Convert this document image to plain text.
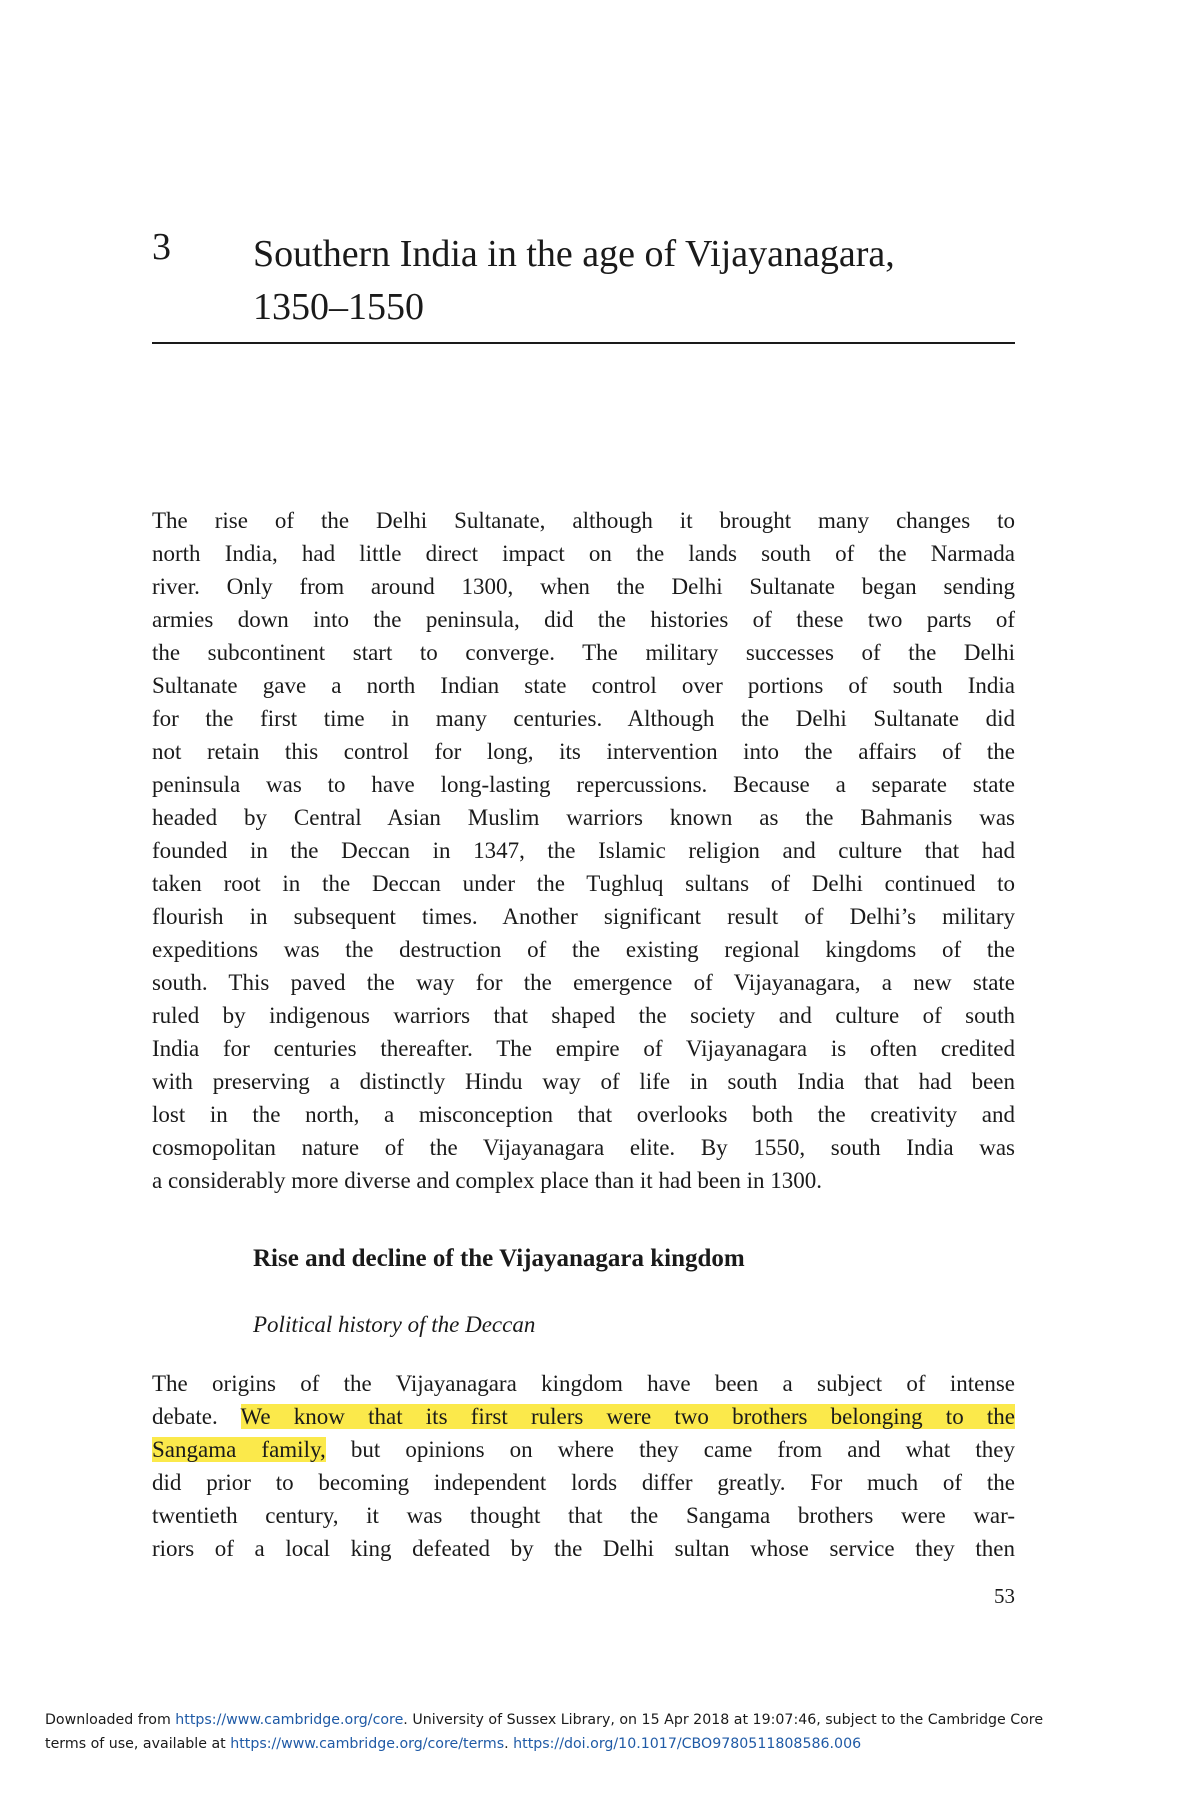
3 Southern India in the age of Vijayanagara,
1350–1550

The rise of the Delhi Sultanate, although it brought many changes to
north India, had little direct impact on the lands south of the Narmada
river. Only from around 1300, when the Delhi Sultanate began sending
armies down into the peninsula, did the histories of these two parts of
the subcontinent start to converge. The military successes of the Delhi
Sultanate gave a north Indian state control over portions of south India
for the first time in many centuries. Although the Delhi Sultanate did
not retain this control for long, its intervention into the affairs of the
peninsula was to have long-lasting repercussions. Because a separate state
headed by Central Asian Muslim warriors known as the Bahmanis was
founded in the Deccan in 1347, the Islamic religion and culture that had
taken root in the Deccan under the Tughluq sultans of Delhi continued to
flourish in subsequent times. Another significant result of Delhi’s military
expeditions was the destruction of the existing regional kingdoms of the
south. This paved the way for the emergence of Vijayanagara, a new state
ruled by indigenous warriors that shaped the society and culture of south
India for centuries thereafter. The empire of Vijayanagara is often credited
with preserving a distinctly Hindu way of life in south India that had been
lost in the north, a misconception that overlooks both the creativity and
cosmopolitan nature of the Vijayanagara elite. By 1550, south India was
a considerably more diverse and complex place than it had been in 1300.

Rise and decline of the Vijayanagara kingdom
Political history of the Deccan

The origins of the Vijayanagara kingdom have been a subject of intense
debate. We know that its first rulers were two brothers belonging to the
Sangama family, but opinions on where they came from and what they
did prior to becoming independent lords differ greatly. For much of the
twentieth century, it was thought that the Sangama brothers were war-
riors of a local king defeated by the Delhi sultan whose service they then

53
Downloaded from https://www.cambridge.org/core. University of Sussex Library, on 15 Apr 2018 at 19:07:46, subject to the Cambridge Core
terms of use, available at https://www.cambridge.org/core/terms. https://doi.org/10.1017/CBO9780511808586.006
